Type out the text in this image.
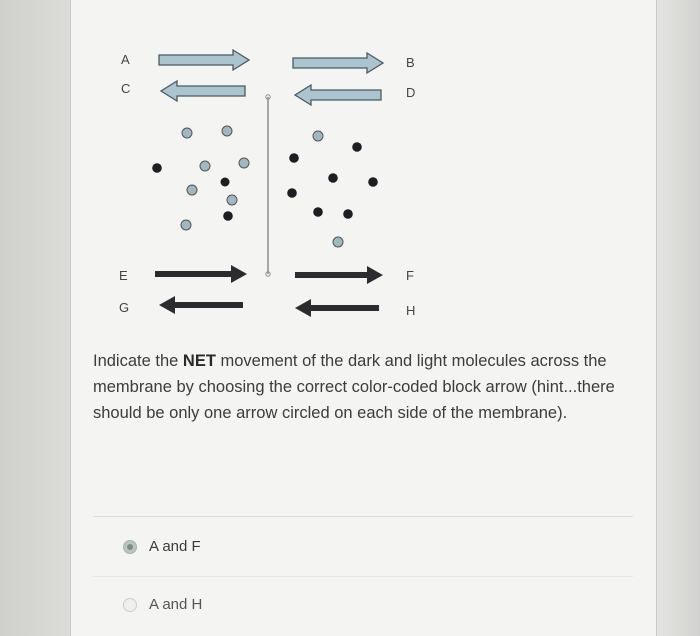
A	B
C	D
E	F
G	H
Indicate the NET movement of the dark and light molecules across the membrane by choosing the correct color-coded block arrow (hint...there should be only one arrow circled on each side of the membrane).
A and F
A and H
